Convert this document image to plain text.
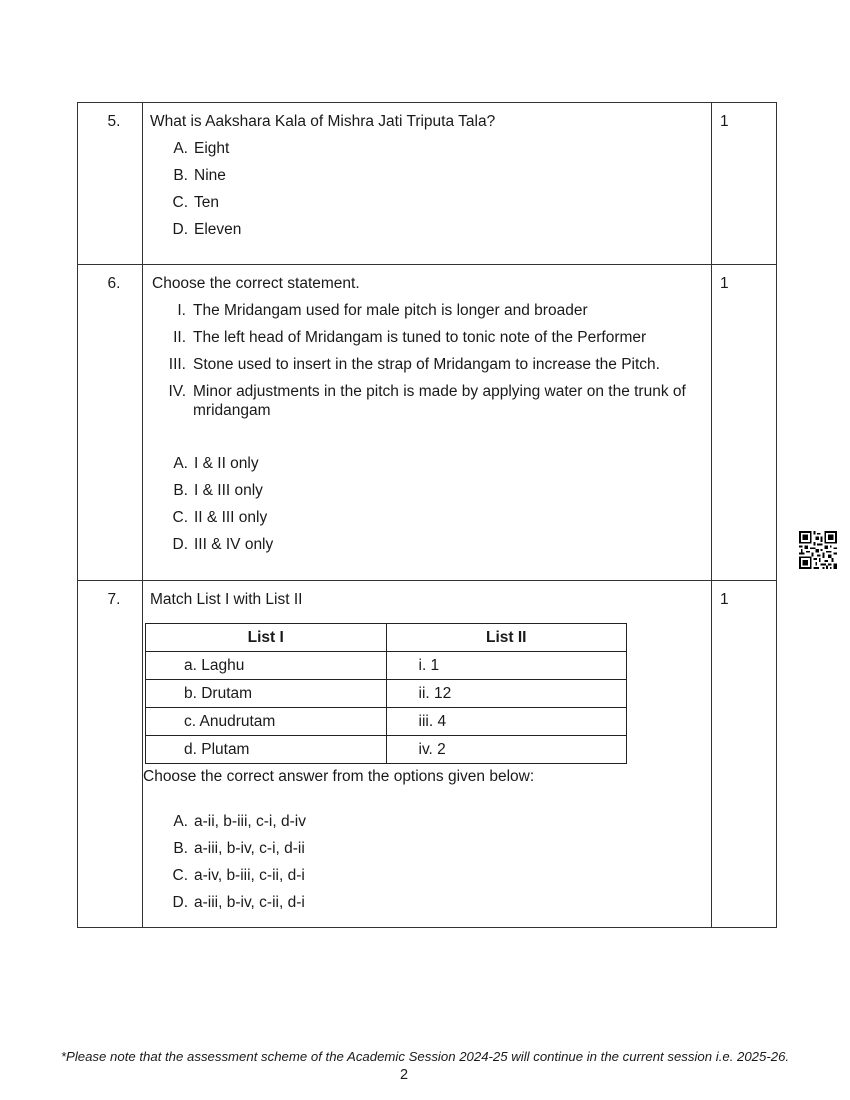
5.	What is Aakshara Kala of Mishra Jati Triputa Tala?
A. Eight
B. Nine
C. Ten
D. Eleven

1

6.	Choose the correct statement.
I. The Mridangam used for male pitch is longer and broader
II. The left head of Mridangam is tuned to tonic note of the Performer
III. Stone used to insert in the strap of Mridangam to increase the Pitch.
IV. Minor adjustments in the pitch is made by applying water on the trunk of mridangam
A. I & II only
B. I & III only
C. II & III only
D. III & IV only

1

7.	Match List I with List II
List I	List II
a. Laghu	i. 1
b. Drutam	ii. 12
c. Anudrutam	iii. 4
d. Plutam	iv. 2
Choose the correct answer from the options given below:
A. a-ii, b-iii, c-i, d-iv
B. a-iii, b-iv, c-i, d-ii
C. a-iv, b-iii, c-ii, d-i
D. a-iii, b-iv, c-ii, d-i

1
*Please note that the assessment scheme of the Academic Session 2024-25 will continue in the current session i.e. 2025-26.
2
